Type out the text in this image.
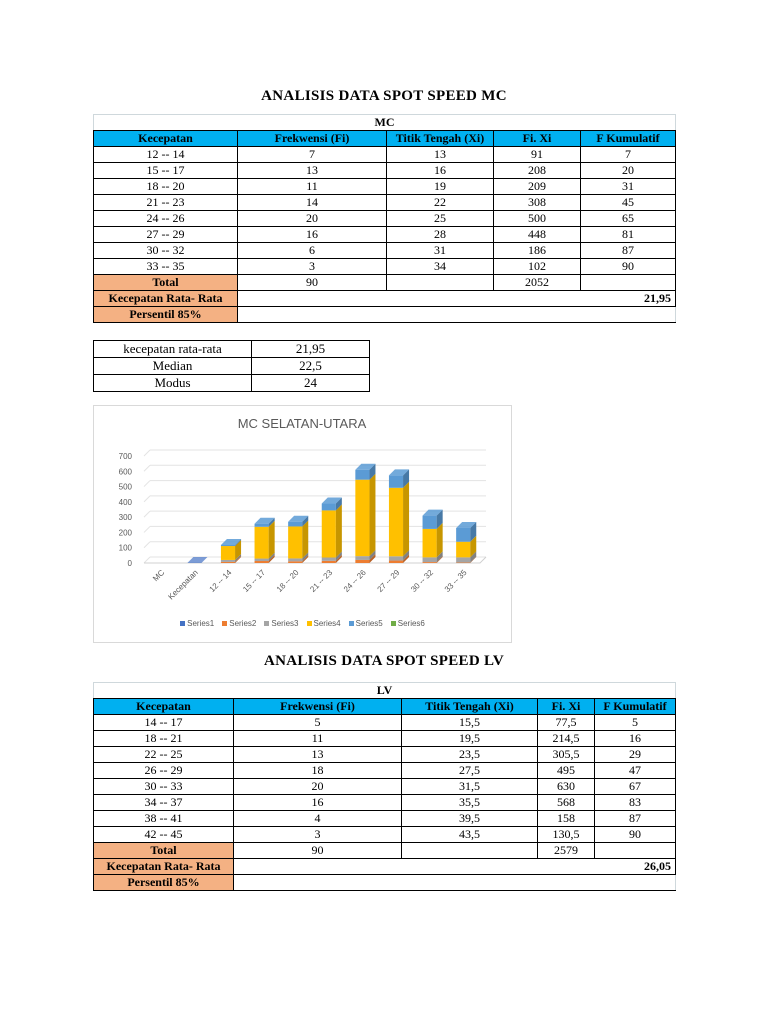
ANALISIS DATA SPOT SPEED MC
MC				
Kecepatan	Frekwensi (Fi)	Titik Tengah (Xi)	Fi. Xi	F Kumulatif
12 -- 14	7	13	91	7
15 -- 17	13	16	208	20
18 -- 20	11	19	209	31
21 -- 23	14	22	308	45
24 -- 26	20	25	500	65
27 -- 29	16	28	448	81
30 -- 32	6	31	186	87
33 -- 35	3	34	102	90
Total	90		2052	
Kecepatan Rata- Rata	21,95			
Persentil 85%				
kecepatan rata-rata	21,95
Median	22,5
Modus	24
MC SELATAN-UTARA
0
100
200
300
400
500
600
700
MC Kecepatan 12 -- 14 15 -- 17 18 -- 20 21 -- 23 24 -- 26 27 -- 29 30 -- 32 33 -- 35
Series1 Series2 Series3 Series4 Series5 Series6
ANALISIS DATA SPOT SPEED LV
LV				
Kecepatan	Frekwensi (Fi)	Titik Tengah (Xi)	Fi. Xi	F Kumulatif
14 -- 17	5	15,5	77,5	5
18 -- 21	11	19,5	214,5	16
22 -- 25	13	23,5	305,5	29
26 -- 29	18	27,5	495	47
30 -- 33	20	31,5	630	67
34 -- 37	16	35,5	568	83
38 -- 41	4	39,5	158	87
42 -- 45	3	43,5	130,5	90
Total	90		2579	
Kecepatan Rata- Rata	26,05			
Persentil 85%				
